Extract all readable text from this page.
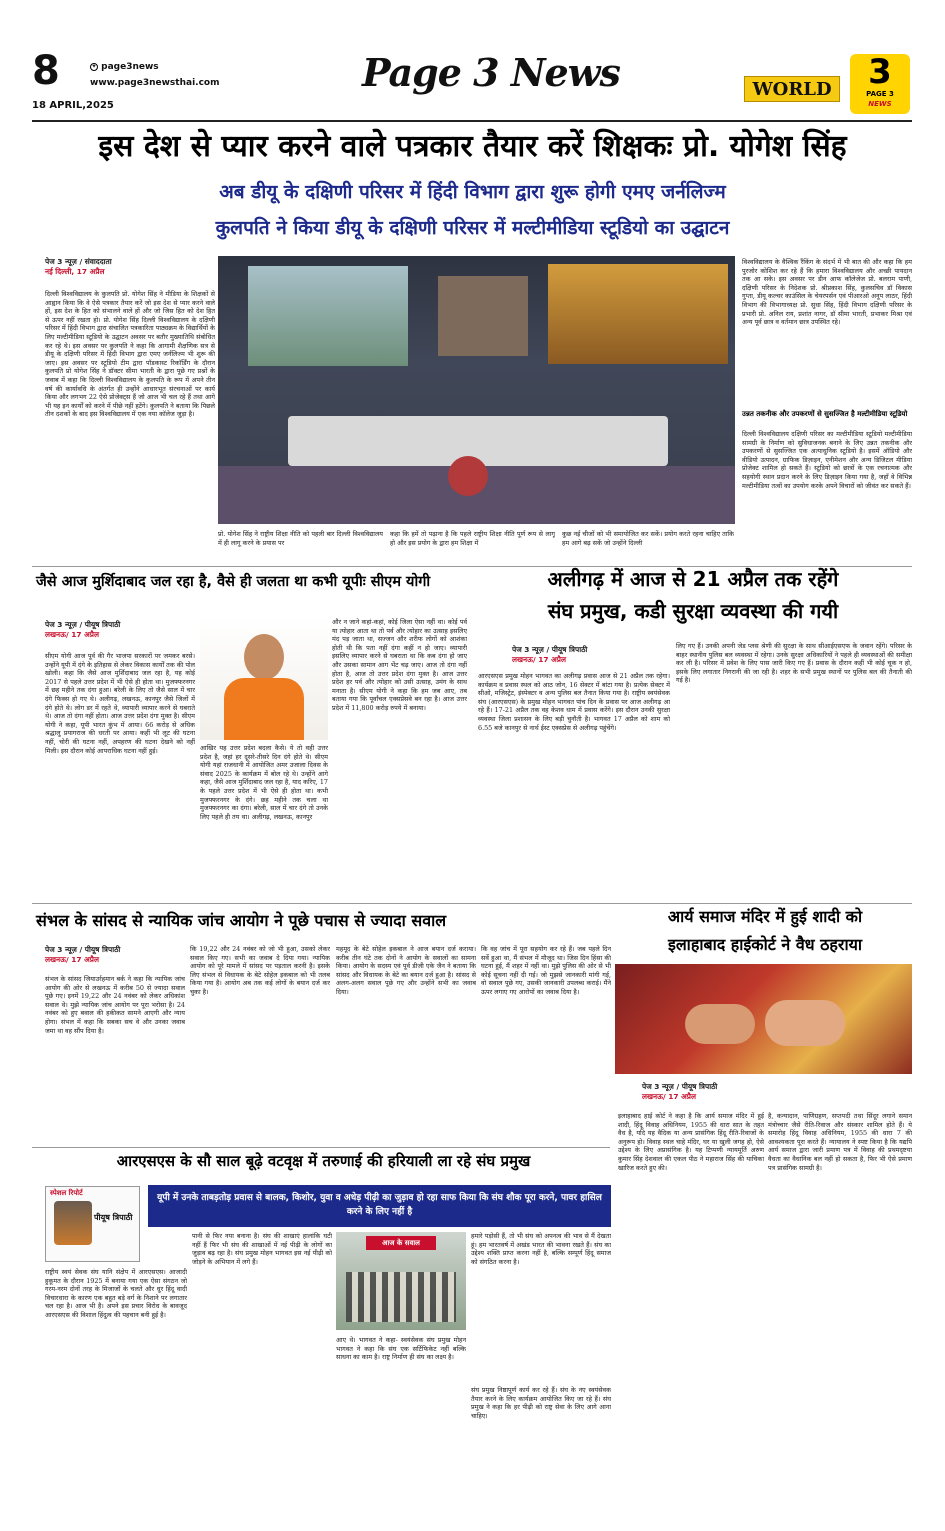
8	✦ page3news
www.page3newsthai.com
18 APRIL,2025
Page 3 News	WORLD	3
PAGE 3
NEWS
इस देश से प्यार करने वाले पत्रकार तैयार करें शिक्षकः प्रो. योगेश सिंह
अब डीयू के दक्षिणी परिसर में हिंदी विभाग द्वारा शुरू होगी एमए जर्नलिज्म
कुलपति ने किया डीयू के दक्षिणी परिसर में मल्टीमीडिया स्टूडियो का उद्घाटन
पेज 3 न्यूज़ / संवाददाता
नई दिल्ली, 17 अप्रैल
दिल्ली विश्वविद्यालय के कुलपति प्रो. योगेश सिंह ने मीडिया के शिक्षकों से आह्वान किया कि वे ऐसे पत्रकार तैयार करें जो इस देश से प्यार करने वाले हों, इस देश के हित को संभालने वाले हों और जो जिस हित को देश हित से ऊपर नहीं रखता हो। प्रो. योगेश सिंह दिल्ली विश्वविद्यालय के दक्षिणी परिसर में हिंदी विभाग द्वारा संचालित पत्रकारिता पाठ्यक्रम के विद्यार्थियों के लिए मल्टीमीडिया स्टूडियो के उद्घाटन अवसर पर बतौर मुख्यातिथि संबोधित कर रहे थे। इस अवसर पर कुलपति ने कहा कि आगामी शैक्षणिक सत्र से डीयू के दक्षिणी परिसर में हिंदी विभाग द्वारा एमए जर्नलिज्म भी शुरू की जाए। इस अवसर पर स्टूडियो टीम द्वारा पॉडकास्ट रिकॉर्डिंग के दौरान कुलपति प्रो योगेश सिंह ने डॉक्टर सीमा भारती के द्वारा पूछे गए प्रश्नों के जवाब में कहा कि दिल्ली विश्वविद्यालय के कुलपति के रूप में अपने तीन वर्ष की कार्यावधि के अंतर्गत ही उन्होंने आधारभूत संरचनाओं पर कार्य किया और लगभग 22 ऐसे प्रोजेक्ट्स हैं जो आज भी चल रहे हैं तथा आगे भी यह इन कार्यों को करने में पीछे नहीं हटेंगे। कुलपति ने बताया कि पिछले तीन दशकों के बाद इस विश्वविद्यालय में एक नया कॉलेज जुड़ा है।
प्रो. योगेश सिंह ने राष्ट्रीय शिक्षा नीति को पहली बार दिल्ली विश्वविद्यालय में ही लागू करने के प्रयास पर
कहा कि हमें तो पढ़ाना है कि पहले राष्ट्रीय शिक्षा नीति पूर्ण रूप से लागू हो और इस प्रयोग के द्वारा हम शिक्षा में
कुछ नई चीजों को भी समायोजित कर सकें। प्रयोग करते रहना चाहिए ताकि हम आगे बढ़ सकें जो उन्होंने दिल्ली
विश्वविद्यालय के वैश्विक रैंकिंग के संदर्भ में भी बात की और कहा कि हम पुरजोर कोशिश कर रहे हैं कि हमारा विश्वविद्यालय और अच्छी पायदान तक आ सके। इस अवसर पर डीन आफ कॉलेजेज प्रो. बलराम पाणी, दक्षिणी परिसर के निदेशक प्रो. श्रीप्रकाश सिंह, कुलसचिव डॉ विकास गुप्ता, डीयू कल्चर काउंसिल के चेयरपर्सन एवं पीआरओ अनूप लाठर, हिंदी विभाग की विभागाध्यक्ष प्रो. सुधा सिंह, हिंदी विभाग दक्षिणी परिसर के प्रभारी प्रो. अनिल राय, प्रशांत नागर, डॉ सीमा भारती, प्रभाकर मिश्रा एवं अन्य पूर्व छात्र व वर्तमान छात्र उपस्थित रहे।
उन्नत तकनीक और उपकरणों से सुसज्जित है मल्टीमीडिया स्टूडियो
दिल्ली विश्वविद्यालय दक्षिणी परिसर का मल्टीमीडिया स्टूडियो मल्टीमीडिया सामग्री के निर्माण को सुविधाजनक बनाने के लिए उन्नत तकनीक और उपकरणों से सुसज्जित एक अत्याधुनिक स्टूडियो है। इसमें ऑडियो और वीडियो उत्पादन, ग्राफिक डिज़ाइन, एनीमेशन और अन्य डिजिटल मीडिया प्रोजेक्ट शामिल हो सकते हैं। स्टूडियो को छात्रों के एक रचनात्मक और सहयोगी स्थान प्रदान करने के लिए डिज़ाइन किया गया है, जहाँ वे विभिन्न मल्टीमीडिया तत्वों का उपयोग करके अपने विचारों को जीवंत कर सकते हैं।
जैसे आज मुर्शिदाबाद जल रहा है, वैसे ही जलता था कभी यूपीः सीएम योगी
पेज 3 न्यूज़ / पीयूष त्रिपाठी
लखनऊ/ 17 अप्रैल
सीएम योगी आज पूर्व की गैर भाजपा सरकारों पर जमकर बरसे। उन्होंने यूपी में दंगे के इतिहास से लेकर विकास कार्यों तक की पोल खोली। कहा कि जैसे आज मुर्शिदाबाद जल रहा है, यह कोई 2017 से पहले उत्तर प्रदेश में भी ऐसे ही होता था। मुजफ्फरनगर में छह महीने तक दंगा हुआ। बरेली के लिए तो जैसे साल में चार दंगे फिक्स हो गए थे। अलीगढ़, लखनऊ, कानपुर जैसे जिलों में दंगे होते थे। लोग डर में रहते थे, व्यापारी व्यापार करने से घबराते थे। आज तो दंगा नहीं होता। आज उत्तर प्रदेश दंगा मुक्त है। सीएम योगी ने कहा, यूपी भारत कुंभ में आया। 66 करोड़ से अधिक श्रद्धालु प्रयागराज की धरती पर आया। कहीं भी लूट की घटना नहीं, चोरी की घटना नहीं, अपहरण की घटना देखने को नहीं मिली। इस दौरान कोई आपराधिक घटना नहीं हुई।	आखिर यह उत्तर प्रदेश बदला कैसे। ये तो वही उत्तर प्रदेश है, जहां हर दूसरे-तीसरे दिन दंगे होते थे। सीएम योगी यहां राजधानी में आयोजित अमर उजाला दिवस के संवाद 2025 के कार्यक्रम में बोल रहे थे। उन्होंने आगे कहा, जैसे आज मुर्शिदाबाद जल रहा है, याद करिए, 17 के पहले उत्तर प्रदेश में भी ऐसे ही होता था। कभी मुजफ्फरनगर के दंगे। छह महीने तक चला था मुजफ्फरनगर का दंगा। बरेली, साल में चार दंगे तो उनके लिए पहले ही तय था। अलीगढ़, लखनऊ, कानपुर
और न जाने कहां-कहां, कोई जिला ऐसा नहीं था। कोई पर्व या त्योहार आता था तो पर्व और त्योहार का उत्साह इसलिए मंद पड़ जाता था, सज्जन और शरीफ लोगों को आशंका होती थी कि पता नहीं दंगा कहीं न हो जाए। व्यापारी इसलिए व्यापार करने से घबराता था कि कब दंगा हो जाए और उसका सामान आग भेंट चढ़ जाए। आज तो दंगा नहीं होता है, आज तो उत्तर प्रदेश दंगा मुक्त है। आज उत्तर प्रदेश हर पर्व और त्योहार को उसी उत्साह, उमंग के साथ मनाता है। सीएम योगी ने कहा कि हम जब आए, तब बताया गया कि पूर्वांचल एक्सप्रेसवे बन रहा है। आज उत्तर प्रदेश में 11,800 करोड़ रुपये में बनाया।
अलीगढ़ में आज से 21 अप्रैल तक रहेंगे
संघ प्रमुख, कडी सुरक्षा व्यवस्था की गयी
पेज 3 न्यूज़ / पीयूष त्रिपाठी
लखनऊ/ 17 अप्रैल
आरएसएस प्रमुख मोहन भागवत का अलीगढ़ प्रवास आज से 21 अप्रैल तक रहेगा। कार्यक्रम व प्रवास स्थल को आठ जोन, 16 सेक्टर में बांटा गया है। प्रत्येक सेक्टर में सीओ, मजिस्ट्रेट, इंस्पेक्टर व अन्य पुलिस बल तैनात किया गया है। राष्ट्रीय स्वयंसेवक संघ (आरएसएस) के प्रमुख मोहन भागवत पांच दिन के प्रवास पर आज अलीगढ़ आ रहे हैं। 17-21 अप्रैल तक वह केशव धाम में प्रवास करेंगे। इस दौरान उनकी सुरक्षा व्यवस्था जिला प्रशासन के लिए बड़ी चुनौती है। भागवत 17 अप्रैल को शाम को 6.55 बजे कानपुर से नार्थ ईस्ट एक्सप्रेस से अलीगढ़ पहुंचेंगे।
लिए गए हैं। उनकी अपनी जेड प्लस श्रेणी की सुरक्षा के साथ सीआईएसएफ के जवान रहेंगे। परिसर के बाहर स्थानीय पुलिस बल व्यवस्था में रहेगा। उनके सुरक्षा अधिकारियों ने पहले ही व्यवस्थाओं की समीक्षा कर ली है। परिसर में प्रवेश के लिए पास जारी किए गए हैं। प्रवास के दौरान कहीं भी कोई चूक न हो, इसके लिए लगातार निगरानी की जा रही है। शहर के सभी प्रमुख स्थानों पर पुलिस बल की तैनाती की गई है।
संभल के सांसद से न्यायिक जांच आयोग ने पूछे पचास से ज्यादा सवाल
पेज 3 न्यूज़ / पीयूष त्रिपाठी
लखनऊ/ 17 अप्रैल
संभल के सांसद जियाउर्रहमान बर्क ने कहा कि न्यायिक जांच आयोग की ओर से लखनऊ में करीब 50 से ज्यादा सवाल पूछे गए। इनमें 19,22 और 24 नवंबर को लेकर अधिकांश सवाल थे। मुझे न्यायिक जांच आयोग पर पूरा भरोसा है। 24 नवंबर को हुए बवाल की हकीकत सामने आएगी और न्याय होगा। संभल में कहा कि सबका सच वे और उनका जवाब जमा था वह सौंप दिया है।
कि 19,22 और 24 नवंबर को जो भी हुआ, उसको लेकर सवाल किए गए। सभी का जवाब दे दिया गया। न्यायिक आयोग को पूरे मामले में सांसद पर पड़ताल करनी है। इसके लिए संभल से विधायक के बेटे सोहेल इकबाल को भी तलब किया गया है। आयोग अब तक कई लोगों के बयान दर्ज कर चुका है।
महमूद के बेटे सोहेल इकबाल ने आज बयान दर्ज कराया। करीब तीन घंटे तक दोनों ने आयोग के सवालों का सामना किया। आयोग के सदस्य एवं पूर्व डीजी एके जैन ने बताया कि सांसद और विधायक के बेटे का बयान दर्ज हुआ है। सांसद से अलग-अलग सवाल पूछे गए और उन्होंने सभी का जवाब दिया।
कि वह जांच में पूरा सहयोग कर रहे हैं। जब पहले दिन सर्वे हुआ था, मैं संभल में मौजूद था। जिस दिन हिंसा की घटना हुई, मैं शहर में नहीं था। मुझे पुलिस की ओर से भी कोई सूचना नहीं दी गई। जो मुझसे जानकारी मांगी गई, वो सवाल पूछे गए, उसकी जानकारी उपलब्ध कराई। मैंने ऊपर लगाए गए आरोपों का जवाब दिया है।
आर्य समाज मंदिर में हुई शादी को
इलाहाबाद हाईकोर्ट ने वैध ठहराया
पेज 3 न्यूज़ / पीयूष त्रिपाठी
लखनऊ/ 17 अप्रैल
इलाहाबाद हाई कोर्ट ने कहा है कि आर्य समाज मंदिर में हुई शादी, हिंदू विवाह अधिनियम, 1955 की धारा सात के तहत वैध है, यदि यह वैदिक या अन्य प्रासंगिक हिंदू रीति-रिवाजों के अनुरूप हो। विवाह स्थल चाहे मंदिर, घर या खुली जगह हो, ऐसे उद्देश्य के लिए अप्रासंगिक है। यह टिप्पणी न्यायमूर्ति अरुण कुमार सिंह देशवाल की एकल पीठ ने महाराज सिंह की याचिका खारिज करते हुए की।
है, कन्यादान, पाणिग्रहण, सप्तपदी तथा सिंदूर लगाने समान मंत्रोच्चार जैसे रीति-रिवाज और संस्कार शामिल होते हैं। ये समारोह हिंदू विवाह अधिनियम, 1955 की धारा 7 की आवश्यकता पूरा करते हैं। न्यायालय ने स्पष्ट किया है कि यद्यपि आर्य समाज द्वारा जारी प्रमाण पत्र में विवाह की प्रथमदृष्टया वैधता का वैधानिक बल नहीं हो सकता है, फिर भी ऐसे प्रमाण पत्र प्रासंगिक सामग्री है।
आरएसएस के सौ साल बूढ़े वटवृक्ष में तरुणाई की हरियाली ला रहे संघ प्रमुख
स्पेशल रिपोर्ट
पीयूष त्रिपाठी
यूपी में उनके ताबड़तोड़ प्रवास से बालक, किशोर, युवा व अधेड़ पीढ़ी का जुड़ाव हो रहा साफ किया कि संघ शौक पूरा करने, पावर हासिल करने के लिए नहीं है
राष्ट्रीय स्वयं सेवक संघ यानि संक्षेप में आरएसएस। आजादी हुकूमत के दौरान 1925 में बनाया गया एक ऐसा संगठन जो गरम-नरम दोनों तरह के मिजाजों के चलते और धुर हिंदू वादी विचारधारा के कारण एक बहुत बड़े वर्ग के निशाने पर लगातार चल रहा है। आज भी है। अपने इस प्रचार विरोध के बावजूद आरएसएस की विशाल हिंदुत्व की पहचान बनी हुई है।
पानी से फिर नया बनाना है। संघ की शाखाएं हालांकि घटी नहीं हैं फिर भी संघ की शाखाओं में नई पीढ़ी के लोगों का जुड़ाव बढ़ रहा है। संघ प्रमुख मोहन भागवत इस नई पीढ़ी को जोड़ने के अभियान में लगे हैं।
आज के सवाल
आए थे। भागवत ने कहा- स्वयंसेवक संघ प्रमुख मोहन भागवत ने कहा कि संघ एक सर्टिफिकेट नहीं बल्कि साधना का काम है। राष्ट्र निर्माण ही संघ का लक्ष्य है।
हमारे पड़ोसी हैं, तो भी संघ को अपनत्व की भाव से मैं देखता हूं। हम भारतवर्ष में अखंड भारत की भावना रखते हैं। संघ का उद्देश्य शक्ति प्राप्त करना नहीं है, बल्कि सम्पूर्ण हिंदू समाज को संगठित करना है।
संघ प्रमुख निष्ठापूर्ण कार्य कर रहे हैं। संघ के नए स्वयंसेवक तैयार करने के लिए कार्यक्रम आयोजित किए जा रहे हैं। संघ प्रमुख ने कहा कि हर पीढ़ी को राष्ट्र सेवा के लिए आगे आना चाहिए।
